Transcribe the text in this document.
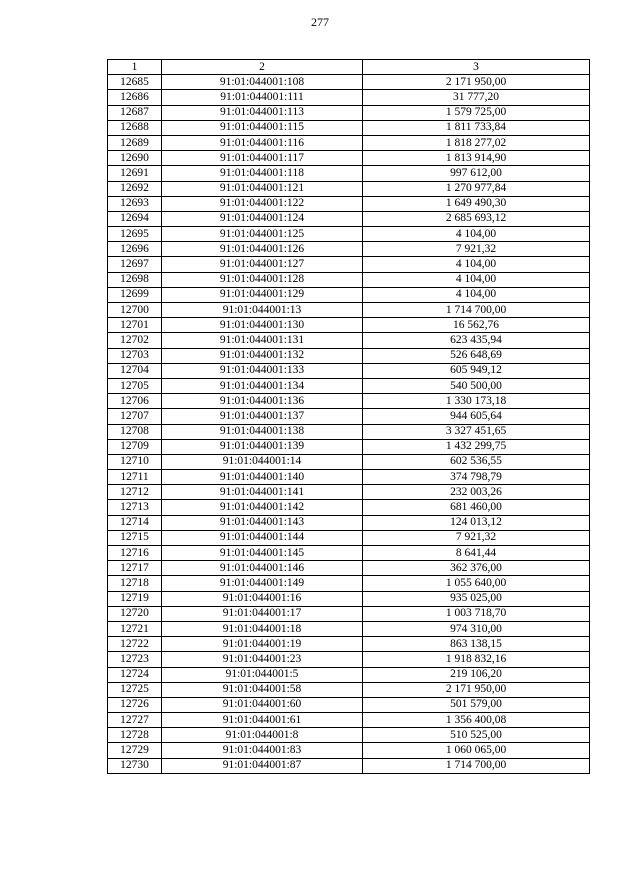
277
1	2	3
12685	91:01:044001:108	2 171 950,00
12686	91:01:044001:111	31 777,20
12687	91:01:044001:113	1 579 725,00
12688	91:01:044001:115	1 811 733,84
12689	91:01:044001:116	1 818 277,02
12690	91:01:044001:117	1 813 914,90
12691	91:01:044001:118	997 612,00
12692	91:01:044001:121	1 270 977,84
12693	91:01:044001:122	1 649 490,30
12694	91:01:044001:124	2 685 693,12
12695	91:01:044001:125	4 104,00
12696	91:01:044001:126	7 921,32
12697	91:01:044001:127	4 104,00
12698	91:01:044001:128	4 104,00
12699	91:01:044001:129	4 104,00
12700	91:01:044001:13	1 714 700,00
12701	91:01:044001:130	16 562,76
12702	91:01:044001:131	623 435,94
12703	91:01:044001:132	526 648,69
12704	91:01:044001:133	605 949,12
12705	91:01:044001:134	540 500,00
12706	91:01:044001:136	1 330 173,18
12707	91:01:044001:137	944 605,64
12708	91:01:044001:138	3 327 451,65
12709	91:01:044001:139	1 432 299,75
12710	91:01:044001:14	602 536,55
12711	91:01:044001:140	374 798,79
12712	91:01:044001:141	232 003,26
12713	91:01:044001:142	681 460,00
12714	91:01:044001:143	124 013,12
12715	91:01:044001:144	7 921,32
12716	91:01:044001:145	8 641,44
12717	91:01:044001:146	362 376,00
12718	91:01:044001:149	1 055 640,00
12719	91:01:044001:16	935 025,00
12720	91:01:044001:17	1 003 718,70
12721	91:01:044001:18	974 310,00
12722	91:01:044001:19	863 138,15
12723	91:01:044001:23	1 918 832,16
12724	91:01:044001:5	219 106,20
12725	91:01:044001:58	2 171 950,00
12726	91:01:044001:60	501 579,00
12727	91:01:044001:61	1 356 400,08
12728	91:01:044001:8	510 525,00
12729	91:01:044001:83	1 060 065,00
12730	91:01:044001:87	1 714 700,00
